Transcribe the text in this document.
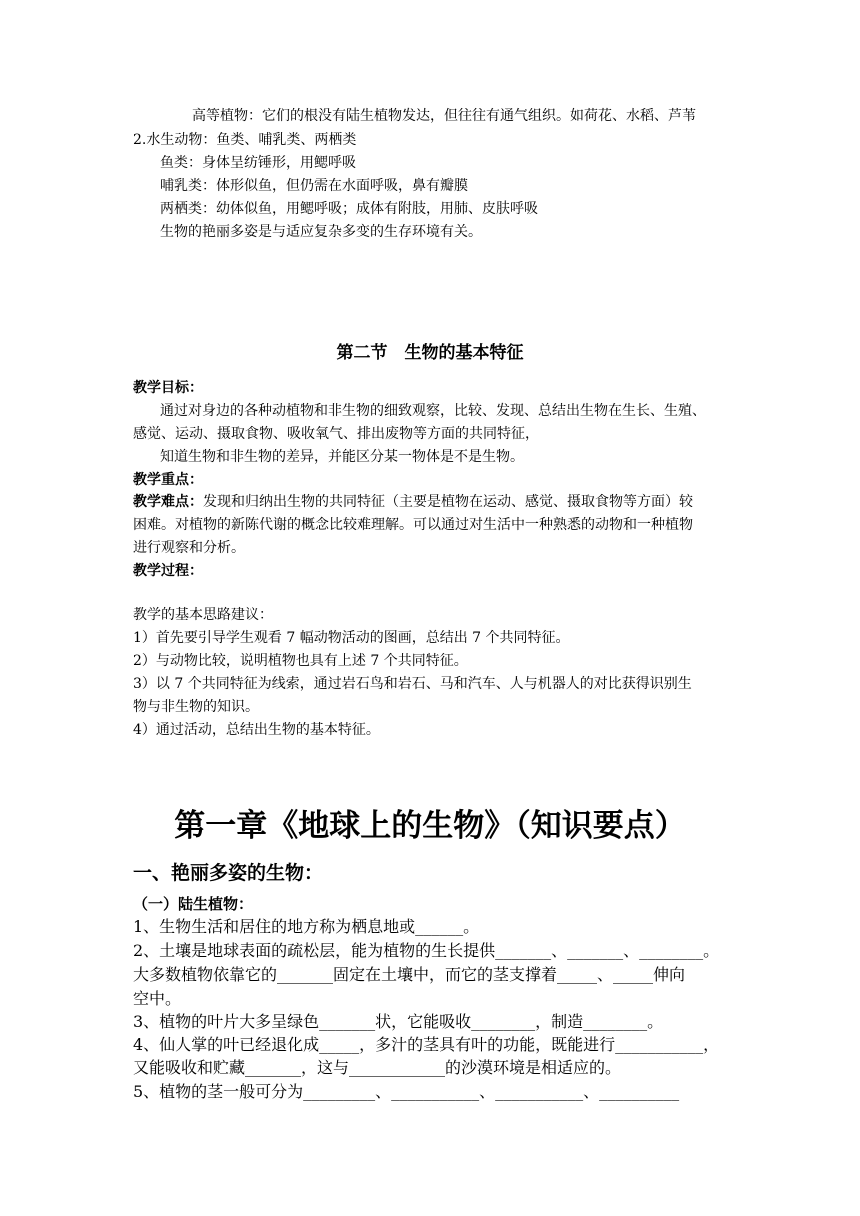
高等植物：它们的根没有陆生植物发达，但往往有通气组织。如荷花、水稻、芦苇
2.水生动物：鱼类、哺乳类、两栖类
鱼类：身体呈纺锤形，用鳃呼吸
哺乳类：体形似鱼，但仍需在水面呼吸，鼻有瓣膜
两栖类：幼体似鱼，用鳃呼吸；成体有附肢，用肺、皮肤呼吸
生物的艳丽多姿是与适应复杂多变的生存环境有关。
第二节　生物的基本特征
教学目标：
通过对身边的各种动植物和非生物的细致观察，比较、发现、总结出生物在生长、生殖、
感觉、运动、摄取食物、吸收氧气、排出废物等方面的共同特征，
知道生物和非生物的差异，并能区分某一物体是不是生物。
教学重点：
教学难点：发现和归纳出生物的共同特征（主要是植物在运动、感觉、摄取食物等方面）较
困难。对植物的新陈代谢的概念比较难理解。可以通过对生活中一种熟悉的动物和一种植物
进行观察和分析。
教学过程：
教学的基本思路建议：
1）首先要引导学生观看 7 幅动物活动的图画，总结出 7 个共同特征。
2）与动物比较，说明植物也具有上述 7 个共同特征。
3）以 7 个共同特征为线索，通过岩石鸟和岩石、马和汽车、人与机器人的对比获得识别生
物与非生物的知识。
4）通过活动，总结出生物的基本特征。
第一章《地球上的生物》（知识要点）
一、艳丽多姿的生物：
（一）陆生植物：
1、生物生活和居住的地方称为栖息地或______。
2、土壤是地球表面的疏松层，能为植物的生长提供_______、_______、________。
大多数植物依靠它的_______固定在土壤中，而它的茎支撑着_____、_____伸向
空中。
3、植物的叶片大多呈绿色_______状，它能吸收________，制造________。
4、仙人掌的叶已经退化成_____，多汁的茎具有叶的功能，既能进行___________，
又能吸收和贮藏_______，这与____________的沙漠环境是相适应的。
5、植物的茎一般可分为_________、___________、___________、__________
